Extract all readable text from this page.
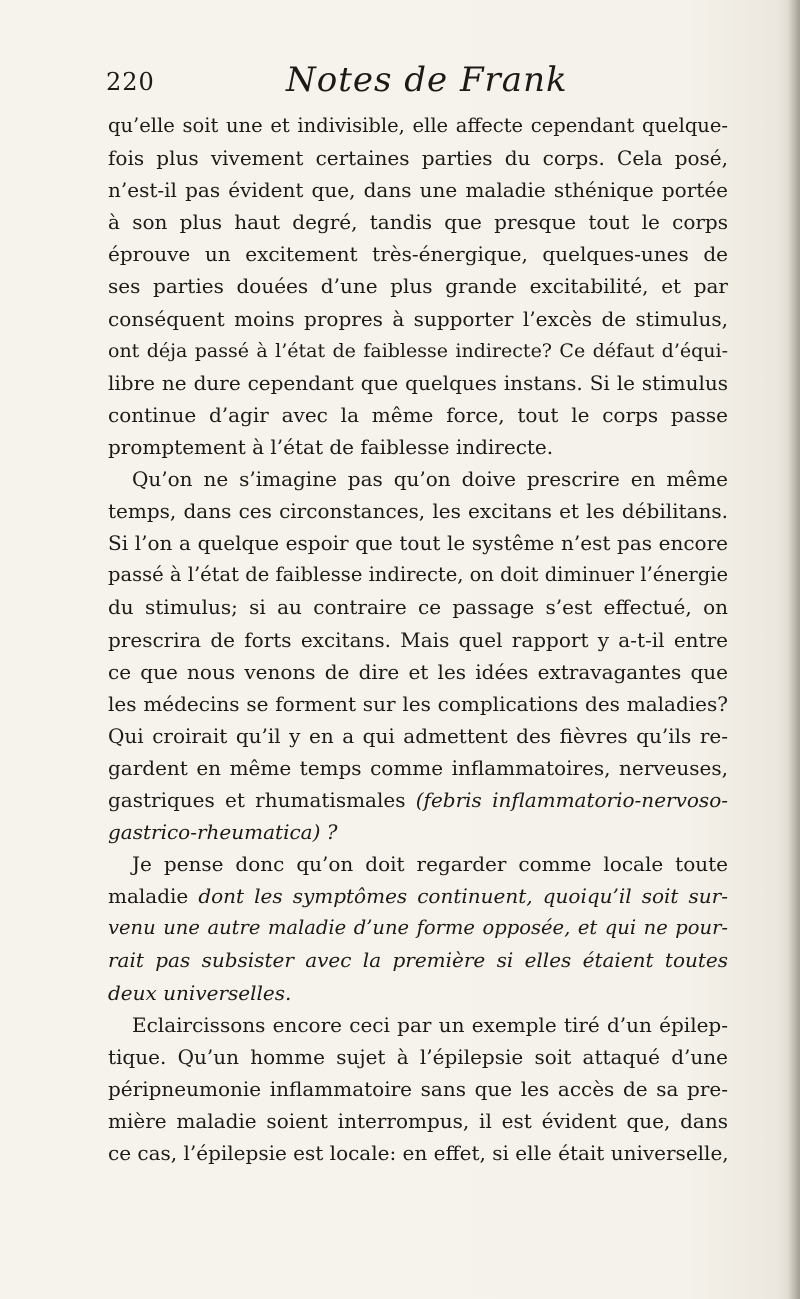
220	Notes de Frank
qu’elle soit une et indivisible, elle affecte cependant quelque-
fois plus vivement certaines parties du corps. Cela posé,
n’est-il pas évident que, dans une maladie sthénique portée
à son plus haut degré, tandis que presque tout le corps
éprouve un excitement très-énergique, quelques-unes de
ses parties douées d’une plus grande excitabilité, et par
conséquent moins propres à supporter l’excès de stimulus,
ont déja passé à l’état de faiblesse indirecte? Ce défaut d’équi-
libre ne dure cependant que quelques instans. Si le stimulus
continue d’agir avec la même force, tout le corps passe
promptement à l’état de faiblesse indirecte.
Qu’on ne s’imagine pas qu’on doive prescrire en même
temps, dans ces circonstances, les excitans et les débilitans.
Si l’on a quelque espoir que tout le systême n’est pas encore
passé à l’état de faiblesse indirecte, on doit diminuer l’énergie
du stimulus; si au contraire ce passage s’est effectué, on
prescrira de forts excitans. Mais quel rapport y a-t-il entre
ce que nous venons de dire et les idées extravagantes que
les médecins se forment sur les complications des maladies?
Qui croirait qu’il y en a qui admettent des fièvres qu’ils re-
gardent en même temps comme inflammatoires, nerveuses,
gastriques et rhumatismales (febris inflammatorio-nervoso-
gastrico-rheumatica) ?
Je pense donc qu’on doit regarder comme locale toute
maladie dont les symptômes continuent, quoiqu’il soit sur-
venu une autre maladie d’une forme opposée, et qui ne pour-
rait pas subsister avec la première si elles étaient toutes
deux universelles.
Eclaircissons encore ceci par un exemple tiré d’un épilep-
tique. Qu’un homme sujet à l’épilepsie soit attaqué d’une
péripneumonie inflammatoire sans que les accès de sa pre-
mière maladie soient interrompus, il est évident que, dans
ce cas, l’épilepsie est locale: en effet, si elle était universelle,
